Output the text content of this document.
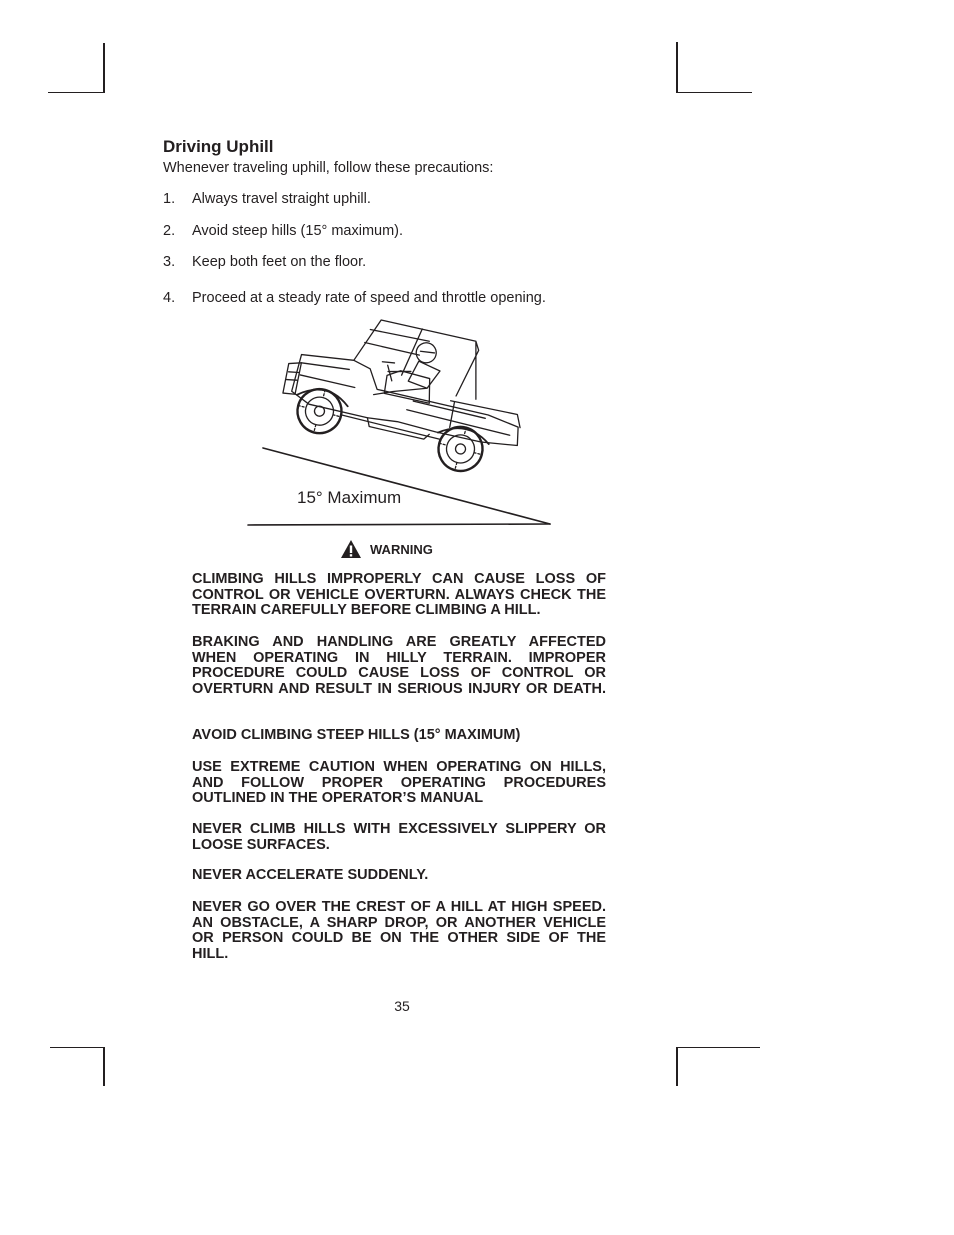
Driving Uphill
Whenever traveling uphill, follow these precautions:
1. Always travel straight uphill.
2. Avoid steep hills (15° maximum).
3. Keep both feet on the floor.
4. Proceed at a steady rate of speed and throttle opening.
15° Maximum
WARNING

CLIMBING HILLS IMPROPERLY CAN CAUSE LOSS OF CONTROL OR VEHICLE OVERTURN. ALWAYS CHECK THE TERRAIN CAREFULLY BEFORE CLIMBING A HILL.

BRAKING AND HANDLING ARE GREATLY AFFECTED WHEN OPERATING IN HILLY TERRAIN. IMPROPER PROCEDURE COULD CAUSE LOSS OF CONTROL OR OVERTURN AND RESULT IN SERIOUS INJURY OR DEATH.

AVOID CLIMBING STEEP HILLS (15° MAXIMUM)

USE EXTREME CAUTION WHEN OPERATING ON HILLS, AND FOLLOW PROPER OPERATING PROCEDURES OUTLINED IN THE OPERATOR’S MANUAL

NEVER CLIMB HILLS WITH EXCESSIVELY SLIPPERY OR LOOSE SURFACES.

NEVER ACCELERATE SUDDENLY.

NEVER GO OVER THE CREST OF A HILL AT HIGH SPEED. AN OBSTACLE, A SHARP DROP, OR ANOTHER VEHICLE OR PERSON COULD BE ON THE OTHER SIDE OF THE HILL.

35
